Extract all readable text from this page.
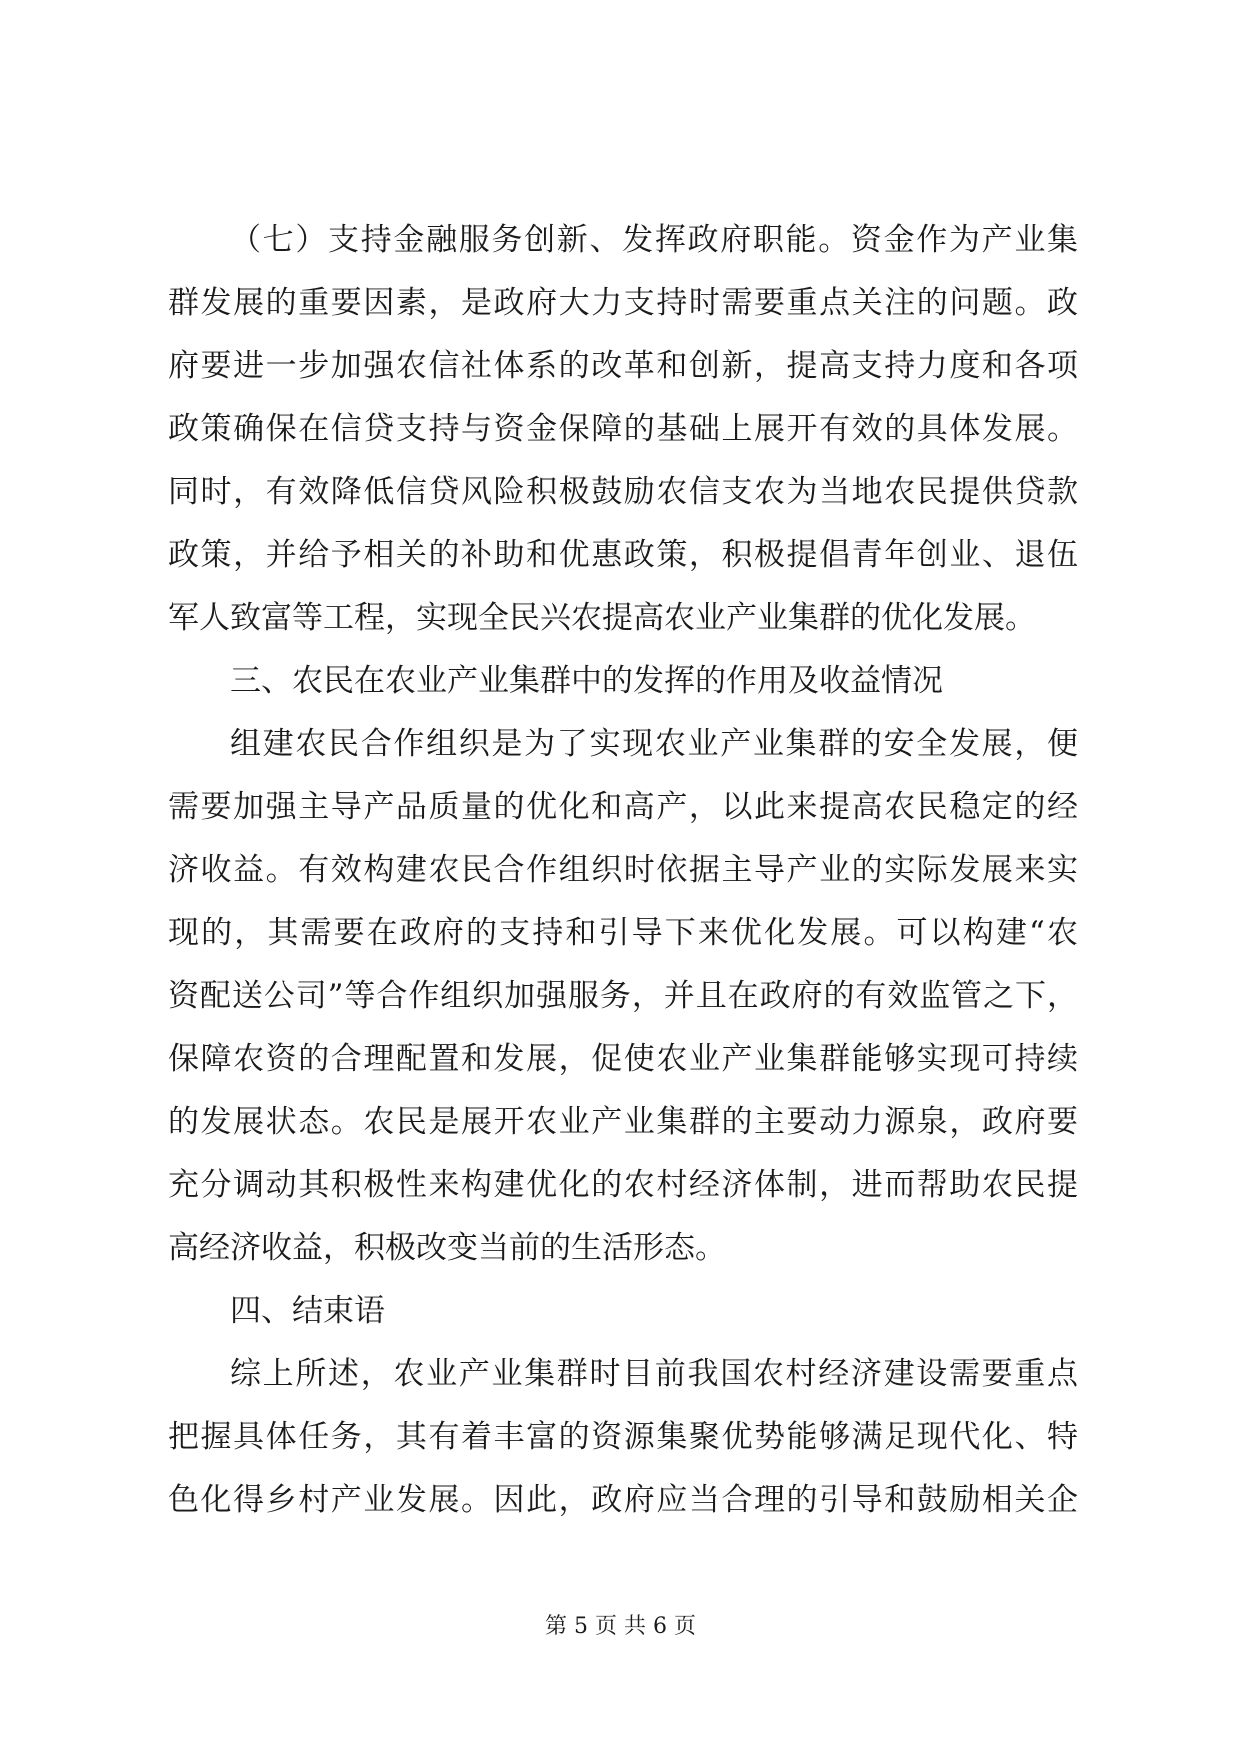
（七）支持金融服务创新、发挥政府职能。资金作为产业集
群发展的重要因素，是政府大力支持时需要重点关注的问题。政
府要进一步加强农信社体系的改革和创新，提高支持力度和各项
政策确保在信贷支持与资金保障的基础上展开有效的具体发展。
同时，有效降低信贷风险积极鼓励农信支农为当地农民提供贷款
政策，并给予相关的补助和优惠政策，积极提倡青年创业、退伍
军人致富等工程，实现全民兴农提高农业产业集群的优化发展。
三、农民在农业产业集群中的发挥的作用及收益情况
组建农民合作组织是为了实现农业产业集群的安全发展，便
需要加强主导产品质量的优化和高产，以此来提高农民稳定的经
济收益。有效构建农民合作组织时依据主导产业的实际发展来实
现的，其需要在政府的支持和引导下来优化发展。可以构建“农
资配送公司”等合作组织加强服务，并且在政府的有效监管之下，
保障农资的合理配置和发展，促使农业产业集群能够实现可持续
的发展状态。农民是展开农业产业集群的主要动力源泉，政府要
充分调动其积极性来构建优化的农村经济体制，进而帮助农民提
高经济收益，积极改变当前的生活形态。
四、结束语
综上所述，农业产业集群时目前我国农村经济建设需要重点
把握具体任务，其有着丰富的资源集聚优势能够满足现代化、特
色化得乡村产业发展。因此，政府应当合理的引导和鼓励相关企
第 5 页 共 6 页
